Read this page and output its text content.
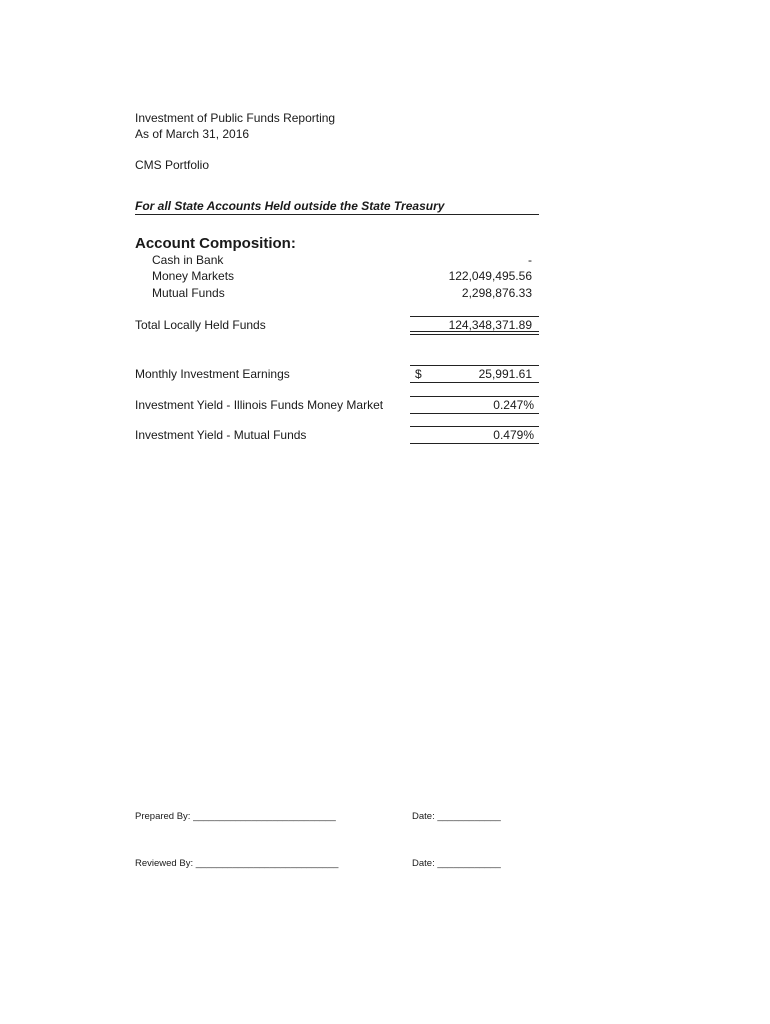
Investment of Public Funds Reporting
As of March 31, 2016
CMS Portfolio
For all State Accounts Held outside the State Treasury
Account Composition:
Cash in Bank	-
Money Markets	122,049,495.56
Mutual Funds	2,298,876.33
Total Locally Held Funds	124,348,371.89
Monthly Investment Earnings	$	25,991.61
Investment Yield - Illinois Funds Money Market	0.247%
Investment Yield - Mutual Funds	0.479%
Prepared By: ___________________________	Date: ____________
Reviewed By: ___________________________	Date: ____________
